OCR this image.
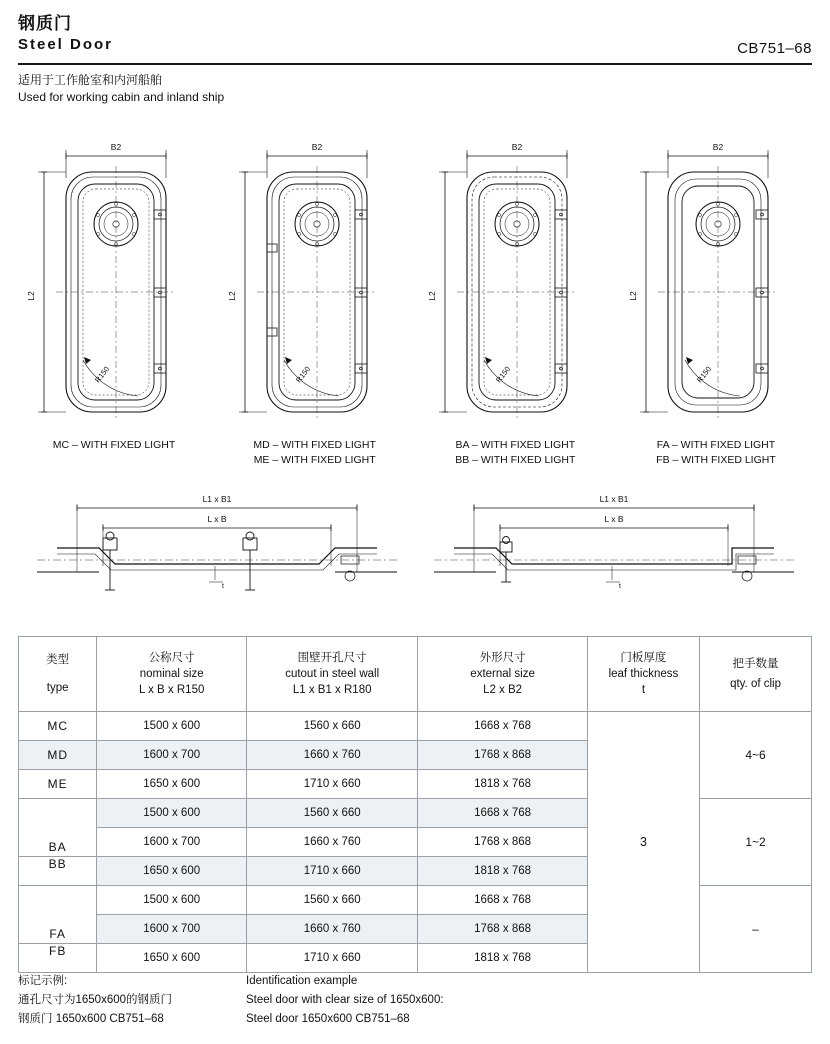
钢质门
Steel Door	CB751–68
适用于工作舱室和内河船舶
Used for working cabin and inland ship
B2
L2
R150
MC – WITH FIXED LIGHT
B2
L2
R150
MD – WITH FIXED LIGHT
ME – WITH FIXED LIGHT
B2
L2
R150
BA – WITH FIXED LIGHT
BB – WITH FIXED LIGHT
B2
L2
R150
FA – WITH FIXED LIGHT
FB – WITH FIXED LIGHT
L1 x B1
L x B
t
L1 x B1
L x B
t
类型
type	公称尺寸
nominal size
L x B x R150	围壁开孔尺寸
cutout in steel wall
L1 x B1 x R180	外形尺寸
external size
L2 x B2	门板厚度
leaf thickness
t	把手数量
qty. of clip

MC	1500 x 600	1560 x 660	1668 x 768	3	4~6
MD	1600 x 700	1660 x 760	1768 x 868		
ME	1650 x 600	1710 x 660	1818 x 768		
BA	1500 x 600	1560 x 660	1668 x 768		1~2
	1600 x 700	1660 x 760	1768 x 868		
BB	1650 x 600	1710 x 660	1818 x 768		
FA	1500 x 600	1560 x 660	1668 x 768		–
	1600 x 700	1660 x 760	1768 x 868		
FB	1650 x 600	1710 x 660	1818 x 768		
标记示例:
通孔尺寸为1650x600的钢质门
钢质门 1650x600 CB751–68
Identification example
Steel door with clear size of 1650x600:
Steel door 1650x600 CB751–68
